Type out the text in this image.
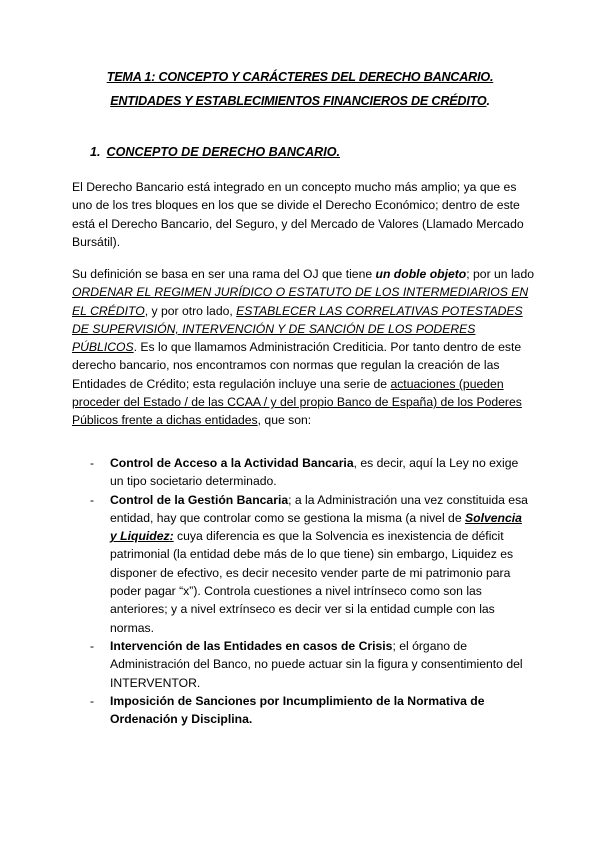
TEMA 1: CONCEPTO Y CARÁCTERES DEL DERECHO BANCARIO.
ENTIDADES Y ESTABLECIMIENTOS FINANCIEROS DE CRÉDITO.
1. CONCEPTO DE DERECHO BANCARIO.
El Derecho Bancario está integrado en un concepto mucho más amplio; ya que es uno de los tres bloques en los que se divide el Derecho Económico; dentro de este está el Derecho Bancario, del Seguro, y del Mercado de Valores (Llamado Mercado Bursátil).
Su definición se basa en ser una rama del OJ que tiene un doble objeto; por un lado ORDENAR EL REGIMEN JURÍDICO O ESTATUTO DE LOS INTERMEDIARIOS EN EL CRÉDITO, y por otro lado, ESTABLECER LAS CORRELATIVAS POTESTADES DE SUPERVISIÓN, INTERVENCIÓN Y DE SANCIÓN DE LOS PODERES PÚBLICOS. Es lo que llamamos Administración Crediticia. Por tanto dentro de este derecho bancario, nos encontramos con normas que regulan la creación de las Entidades de Crédito; esta regulación incluye una serie de actuaciones (pueden proceder del Estado / de las CCAA / y del propio Banco de España) de los Poderes Públicos frente a dichas entidades, que son:
- Control de Acceso a la Actividad Bancaria, es decir, aquí la Ley no exige un tipo societario determinado.
- Control de la Gestión Bancaria; a la Administración una vez constituida esa entidad, hay que controlar como se gestiona la misma (a nivel de Solvencia y Liquidez: cuya diferencia es que la Solvencia es inexistencia de déficit patrimonial (la entidad debe más de lo que tiene) sin embargo, Liquidez es disponer de efectivo, es decir necesito vender parte de mi patrimonio para poder pagar “x”). Controla cuestiones a nivel intrínseco como son las anteriores; y a nivel extrínseco es decir ver si la entidad cumple con las normas.
- Intervención de las Entidades en casos de Crisis; el órgano de Administración del Banco, no puede actuar sin la figura y consentimiento del INTERVENTOR.
- Imposición de Sanciones por Incumplimiento de la Normativa de Ordenación y Disciplina.
